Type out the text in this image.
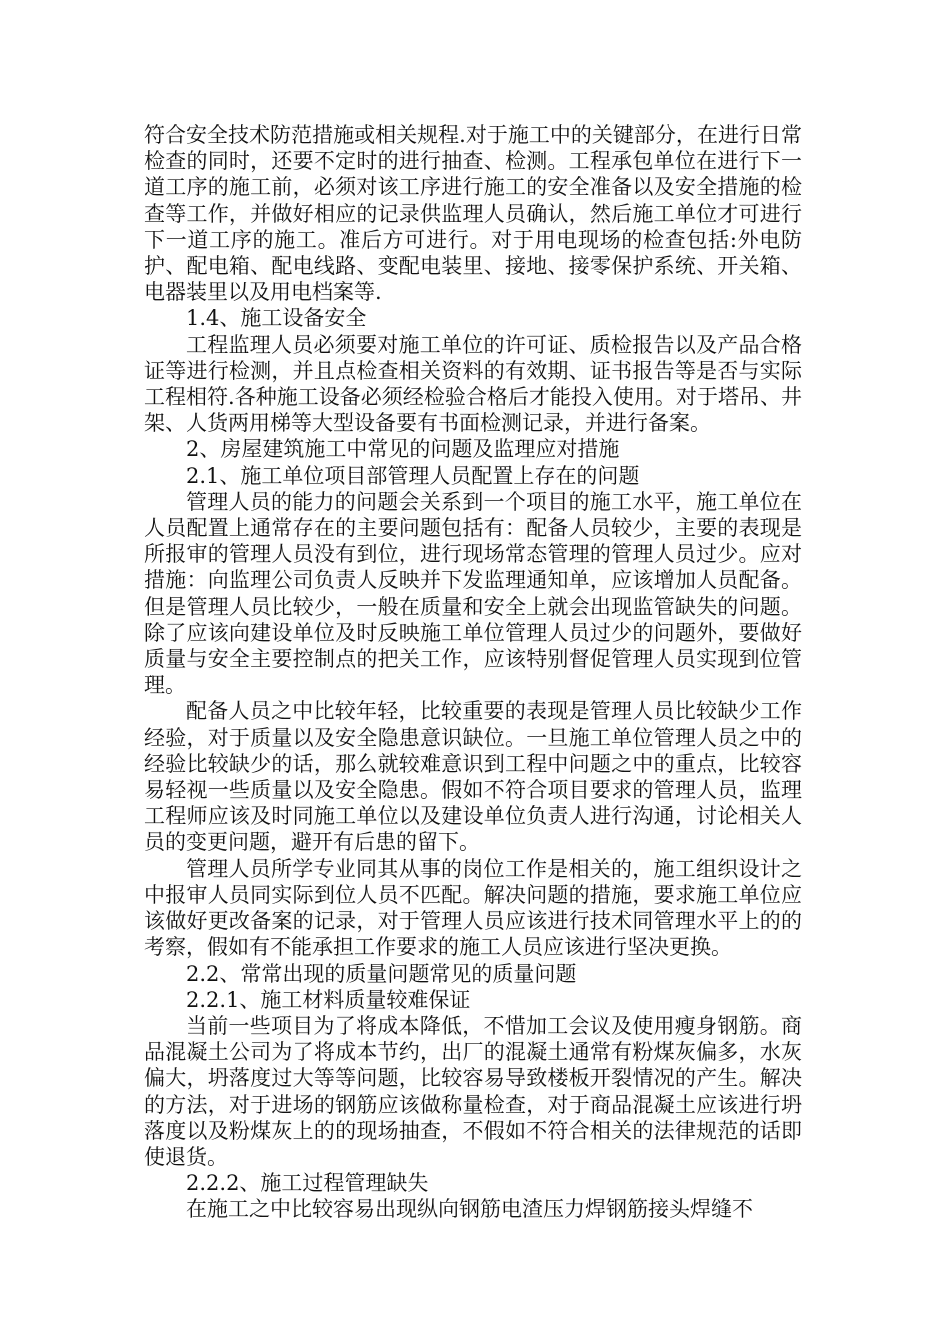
符合安全技术防范措施或相关规程.对于施工中的关键部分，在进行日常检查的同时，还要不定时的进行抽查、检测。工程承包单位在进行下一道工序的施工前，必须对该工序进行施工的安全准备以及安全措施的检查等工作，并做好相应的记录供监理人员确认，然后施工单位才可进行下一道工序的施工。准后方可进行。对于用电现场的检查包括:外电防护、配电箱、配电线路、变配电装里、接地、接零保护系统、开关箱、电器装里以及用电档案等.

1.4、施工设备安全

工程监理人员必须要对施工单位的许可证、质检报告以及产品合格证等进行检测，并且点检查相关资料的有效期、证书报告等是否与实际工程相符.各种施工设备必须经检验合格后才能投入使用。对于塔吊、井架、人货两用梯等大型设备要有书面检测记录，并进行备案。

2、房屋建筑施工中常见的问题及监理应对措施

2.1、施工单位项目部管理人员配置上存在的问题

管理人员的能力的问题会关系到一个项目的施工水平，施工单位在人员配置上通常存在的主要问题包括有：配备人员较少，主要的表现是所报审的管理人员没有到位，进行现场常态管理的管理人员过少。应对措施：向监理公司负责人反映并下发监理通知单，应该增加人员配备。但是管理人员比较少，一般在质量和安全上就会出现监管缺失的问题。除了应该向建设单位及时反映施工单位管理人员过少的问题外，要做好质量与安全主要控制点的把关工作，应该特别督促管理人员实现到位管理。

配备人员之中比较年轻，比较重要的表现是管理人员比较缺少工作经验，对于质量以及安全隐患意识缺位。一旦施工单位管理人员之中的经验比较缺少的话，那么就较难意识到工程中问题之中的重点，比较容易轻视一些质量以及安全隐患。假如不符合项目要求的管理人员，监理工程师应该及时同施工单位以及建设单位负责人进行沟通，讨论相关人员的变更问题，避开有后患的留下。

管理人员所学专业同其从事的岗位工作是相关的，施工组织设计之中报审人员同实际到位人员不匹配。解决问题的措施，要求施工单位应该做好更改备案的记录，对于管理人员应该进行技术同管理水平上的的考察，假如有不能承担工作要求的施工人员应该进行坚决更换。

2.2、常常出现的质量问题常见的质量问题

2.2.1、施工材料质量较难保证

当前一些项目为了将成本降低，不惜加工会议及使用瘦身钢筋。商品混凝土公司为了将成本节约，出厂的混凝土通常有粉煤灰偏多，水灰偏大，坍落度过大等等问题，比较容易导致楼板开裂情况的产生。解决的方法，对于进场的钢筋应该做称量检查，对于商品混凝土应该进行坍落度以及粉煤灰上的的现场抽查，不假如不符合相关的法律规范的话即使退货。

2.2.2、施工过程管理缺失

在施工之中比较容易出现纵向钢筋电渣压力焊钢筋接头焊缝不
